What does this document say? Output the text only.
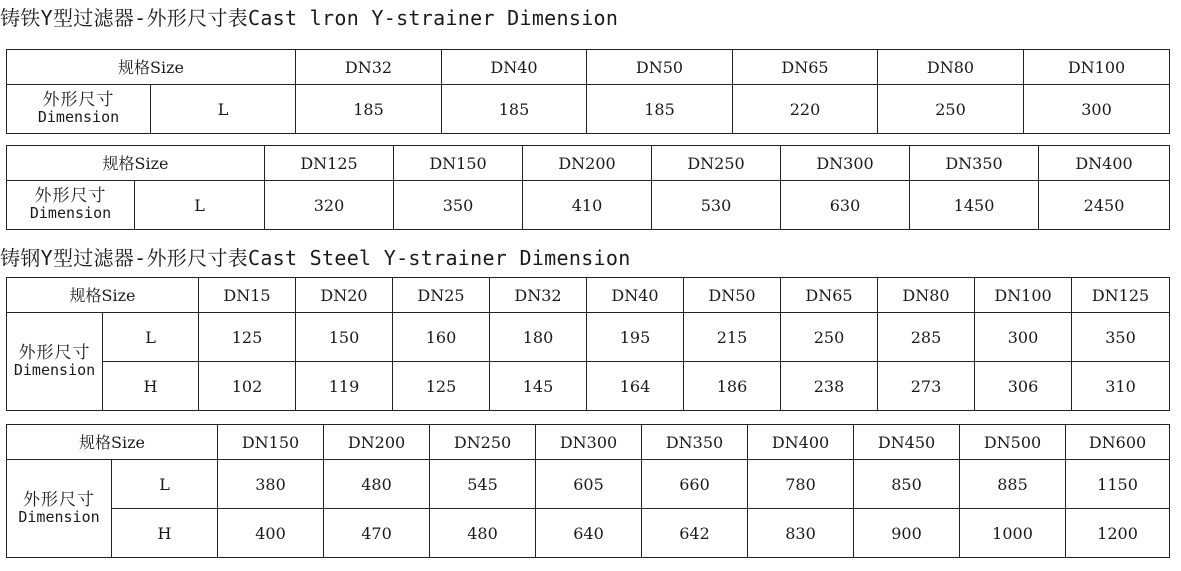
铸铁Y型过滤器-外形尺寸表Cast lron Y-strainer Dimension
规格Size		DN32	DN40	DN50	DN65	DN80	DN100

外形尺寸
Dimension	L	185	185	185	220	250	300
规格Size		DN125	DN150	DN200	DN250	DN300	DN350	DN400

外形尺寸
Dimension	L	320	350	410	530	630	1450	2450
铸钢Y型过滤器-外形尺寸表Cast Steel Y-strainer Dimension
规格Size		DN15	DN20	DN25	DN32	DN40	DN50	DN65	DN80	DN100	DN125

外形尺寸
Dimension	L	125	150	160	180	195	215	250	285	300	350
	H	102	119	125	145	164	186	238	273	306	310
规格Size		DN150	DN200	DN250	DN300	DN350	DN400	DN450	DN500	DN600

外形尺寸
Dimension	L	380	480	545	605	660	780	850	885	1150
	H	400	470	480	640	642	830	900	1000	1200
